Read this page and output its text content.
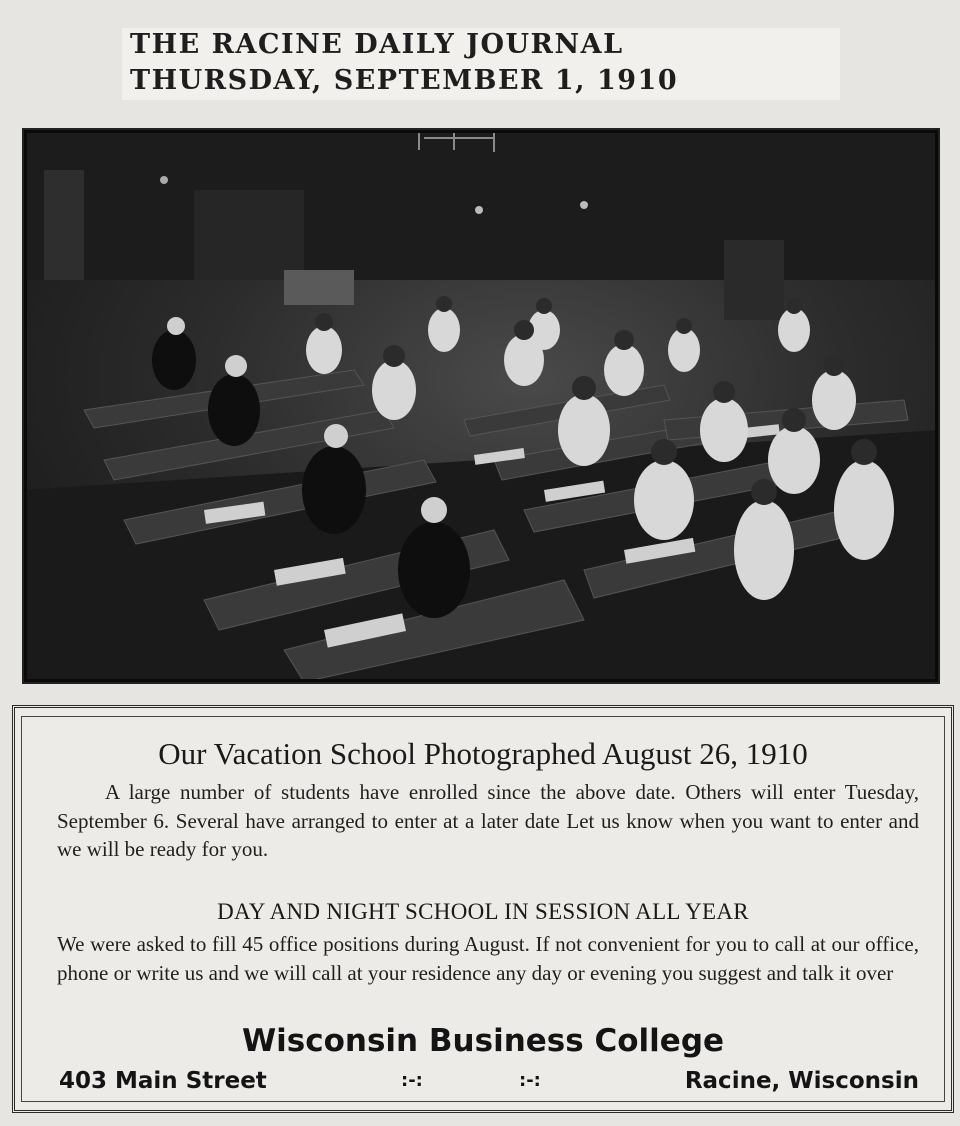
THE RACINE DAILY JOURNAL
THURSDAY, SEPTEMBER 1, 1910
Our Vacation School Photographed August 26, 1910
A large number of students have enrolled since the above date. Others will enter Tuesday, September 6. Several have arranged to enter at a later date Let us know when you want to enter and we will be ready for you.
DAY AND NIGHT SCHOOL IN SESSION ALL YEAR
We were asked to fill 45 office positions during August. If not convenient for you to call at our office, phone or write us and we will call at your residence any day or evening you suggest and talk it over
Wisconsin Business College
403 Main Street	:-:	:-:	Racine, Wisconsin
